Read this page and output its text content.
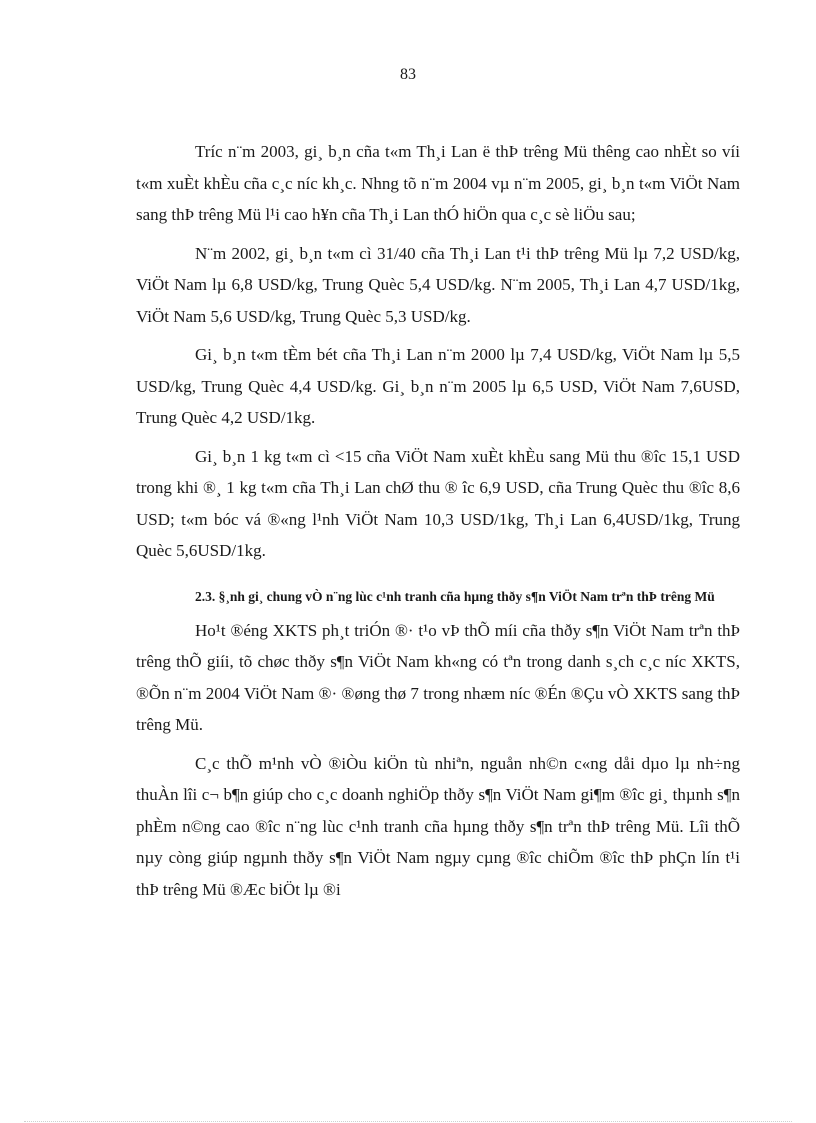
83

Tríc n¨m 2003, gi¸ b¸n cña t«m Th¸i Lan ë thÞ trêng Mü thêng cao nhÈt so víi t«m xuÈt khÈu cña c¸c níc kh¸c. Nhng tõ n¨m 2004 vµ n¨m 2005, gi¸ b¸n t«m ViÖt Nam sang thÞ trêng Mü l¹i cao h¥n cña Th¸i Lan thÓ hiÖn qua c¸c sè liÖu sau;

N¨m 2002, gi¸ b¸n t«m cì 31/40 cña Th¸i Lan t¹i thÞ trêng Mü lµ 7,2 USD/kg, ViÖt Nam lµ 6,8 USD/kg, Trung Quèc 5,4 USD/kg. N¨m 2005, Th¸i Lan 4,7 USD/1kg, ViÖt Nam 5,6 USD/kg, Trung Quèc 5,3 USD/kg.

Gi¸ b¸n t«m tÈm bét cña Th¸i Lan n¨m 2000 lµ 7,4 USD/kg, ViÖt Nam lµ 5,5 USD/kg, Trung Quèc 4,4 USD/kg. Gi¸ b¸n n¨m 2005 lµ 6,5 USD, ViÖt Nam 7,6USD, Trung Quèc 4,2 USD/1kg.

Gi¸ b¸n 1 kg t«m cì <15 cña ViÖt Nam xuÈt khÈu sang Mü thu ®îc 15,1 USD trong khi ®¸ 1 kg t«m cña Th¸i Lan chØ thu ® îc 6,9 USD, cña Trung Quèc thu ®îc 8,6 USD; t«m bóc vá ®«ng l¹nh ViÖt Nam 10,3 USD/1kg, Th¸i Lan 6,4USD/1kg, Trung Quèc 5,6USD/1kg.

2.3. §¸nh gi¸ chung vÒ n¨ng lùc c¹nh tranh cña hµng thðy s¶n ViÖt Nam trªn thÞ trêng Mü

Ho¹t ®éng XKTS ph¸t triÓn ®· t¹o vÞ thÕ míi cña thðy s¶n ViÖt Nam trªn thÞ trêng thÕ giíi, tõ chøc thðy s¶n ViÖt Nam kh«ng có tªn trong danh s¸ch c¸c níc XKTS, ®Õn n¨m 2004 ViÖt Nam ®· ®øng thø 7 trong nhæm níc ®Én ®Çu vÒ XKTS sang thÞ trêng Mü.

C¸c thÕ m¹nh vÒ ®iÒu kiÖn tù nhiªn, nguån nh©n c«ng dåi dµo lµ nh÷ng thuÀn lîi c¬ b¶n giúp cho c¸c doanh nghiÖp thðy s¶n ViÖt Nam gi¶m ®îc gi¸ thµnh s¶n phÈm n©ng cao ®îc n¨ng lùc c¹nh tranh cña hµng thðy s¶n trªn thÞ trêng Mü. Lîi thÕ nµy còng giúp ngµnh thðy s¶n ViÖt Nam ngµy cµng ®îc chiÕm ®îc thÞ phÇn lín t¹i thÞ trêng Mü ®Æc biÖt lµ ®i
